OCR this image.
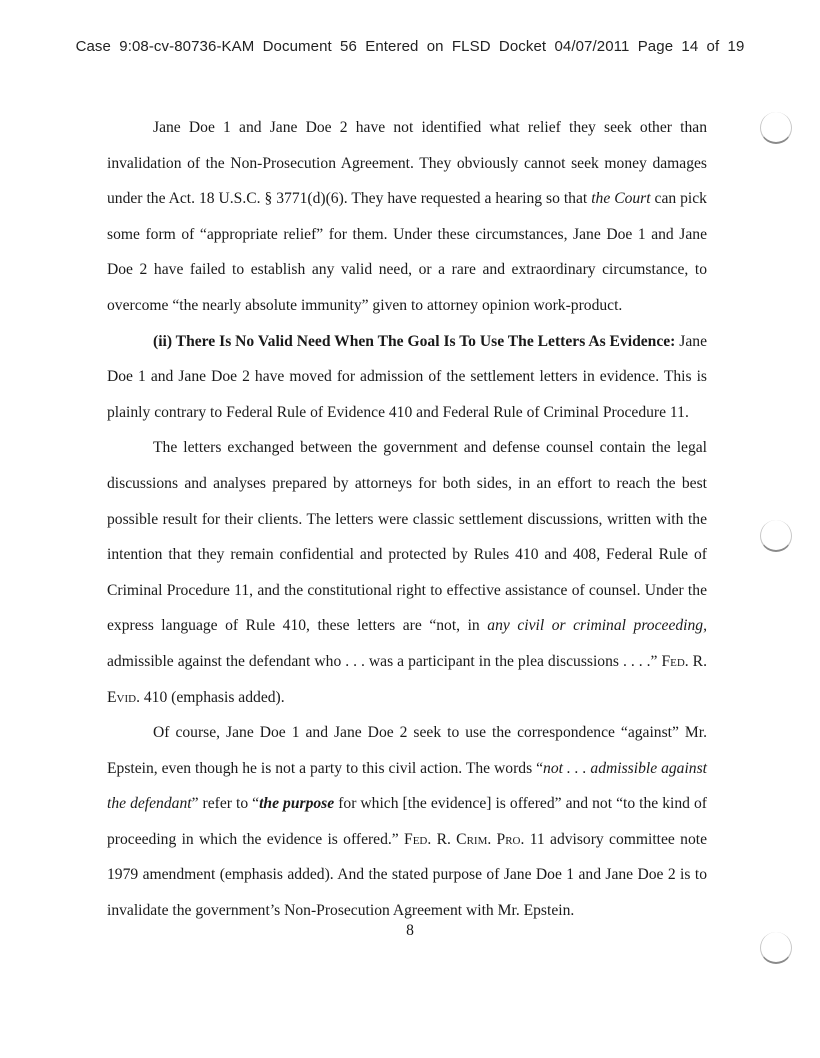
Case 9:08-cv-80736-KAM Document 56 Entered on FLSD Docket 04/07/2011 Page 14 of 19

Jane Doe 1 and Jane Doe 2 have not identified what relief they seek other than invalidation of the Non-Prosecution Agreement. They obviously cannot seek money damages under the Act. 18 U.S.C. § 3771(d)(6). They have requested a hearing so that the Court can pick some form of “appropriate relief” for them. Under these circumstances, Jane Doe 1 and Jane Doe 2 have failed to establish any valid need, or a rare and extraordinary circumstance, to overcome “the nearly absolute immunity” given to attorney opinion work-product.

(ii) There Is No Valid Need When The Goal Is To Use The Letters As Evidence: Jane Doe 1 and Jane Doe 2 have moved for admission of the settlement letters in evidence. This is plainly contrary to Federal Rule of Evidence 410 and Federal Rule of Criminal Procedure 11.

The letters exchanged between the government and defense counsel contain the legal discussions and analyses prepared by attorneys for both sides, in an effort to reach the best possible result for their clients. The letters were classic settlement discussions, written with the intention that they remain confidential and protected by Rules 410 and 408, Federal Rule of Criminal Procedure 11, and the constitutional right to effective assistance of counsel. Under the express language of Rule 410, these letters are “not, in any civil or criminal proceeding, admissible against the defendant who . . . was a participant in the plea discussions . . . .” Fed. R. Evid. 410 (emphasis added).

Of course, Jane Doe 1 and Jane Doe 2 seek to use the correspondence “against” Mr. Epstein, even though he is not a party to this civil action. The words “not . . . admissible against the defendant” refer to “the purpose for which [the evidence] is offered” and not “to the kind of proceeding in which the evidence is offered.” Fed. R. Crim. Pro. 11 advisory committee note 1979 amendment (emphasis added). And the stated purpose of Jane Doe 1 and Jane Doe 2 is to invalidate the government’s Non-Prosecution Agreement with Mr. Epstein.

8
